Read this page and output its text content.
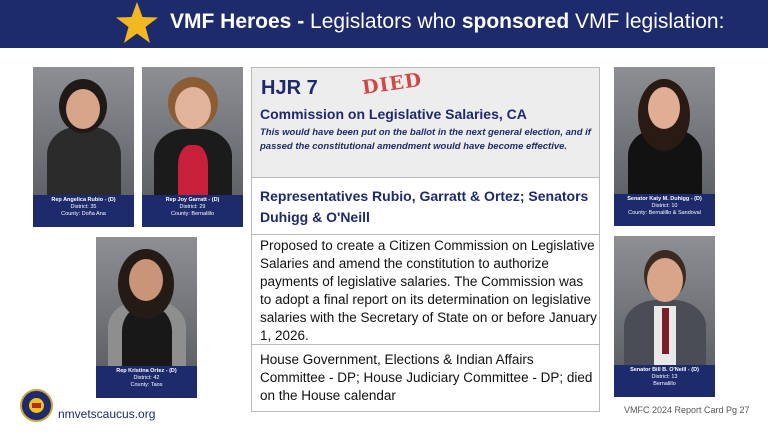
VMF Heroes - Legislators who sponsored VMF legislation:
Rep Angelica Rubio - (D)
District: 35
County: Doña Ana
Rep Joy Garratt - (D)
District: 29
County: Bernalillo
Rep Kristina Ortez - (D)
District: 42
County: Taos
Senator Katy M. Duhigg - (D)
District: 10
County: Bernalillo & Sandoval
Senator Bill B. O'Neill - (D)
District: 13
Bernalillo
HJR 7 DIED
Commission on Legislative Salaries, CA
This would have been put on the ballot in the next general election, and if passed the constitutional amendment would have become effective.
Representatives Rubio, Garratt & Ortez; Senators Duhigg & O'Neill
Proposed to create a Citizen Commission on Legislative Salaries and amend the constitution to authorize payments of legislative salaries. The Commission was to adopt a final report on its determination on legislative salaries with the Secretary of State on or before January 1, 2026.
House Government, Elections & Indian Affairs Committee - DP; House Judiciary Committee - DP; died on the House calendar
nmvetscaucus.org	VMFC 2024 Report Card Pg 27
